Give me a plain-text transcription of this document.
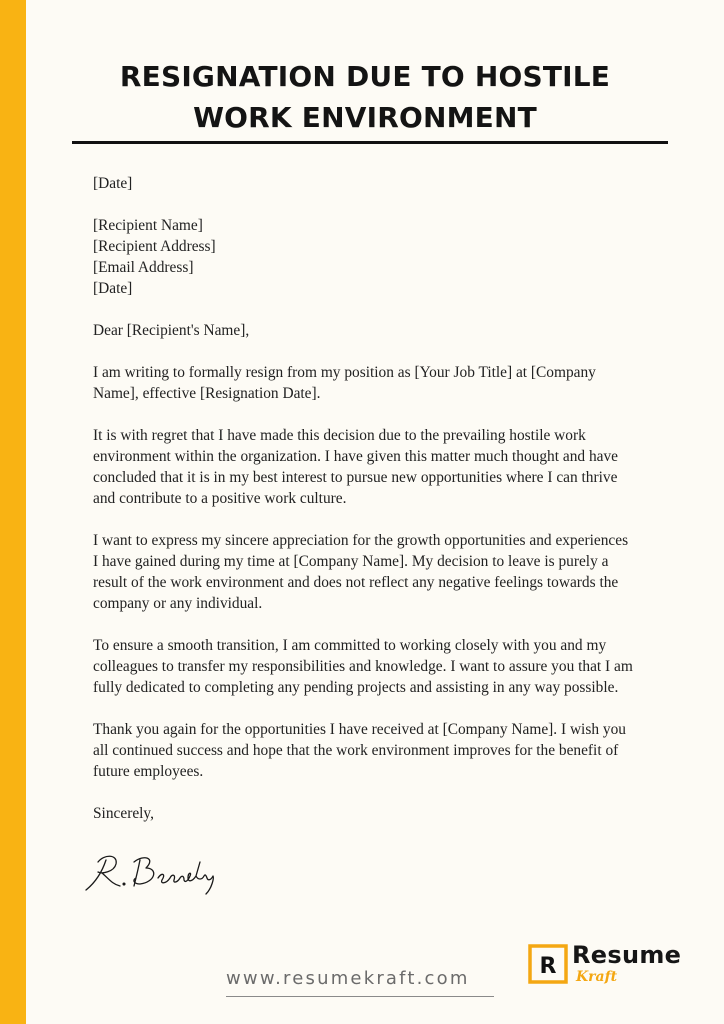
RESIGNATION DUE TO HOSTILE
WORK ENVIRONMENT

[Date]

[Recipient Name]

[Recipient Address]

[Email Address]

[Date]

Dear [Recipient's Name],

I am writing to formally resign from my position as [Your Job Title] at [Company Name], effective [Resignation Date].

It is with regret that I have made this decision due to the prevailing hostile work environment within the organization. I have given this matter much thought and have concluded that it is in my best interest to pursue new opportunities where I can thrive and contribute to a positive work culture.

I want to express my sincere appreciation for the growth opportunities and experiences I have gained during my time at [Company Name]. My decision to leave is purely a result of the work environment and does not reflect any negative feelings towards the company or any individual.

To ensure a smooth transition, I am committed to working closely with you and my colleagues to transfer my responsibilities and knowledge. I want to assure you that I am fully dedicated to completing any pending projects and assisting in any way possible.

Thank you again for the opportunities I have received at [Company Name]. I wish you all continued success and hope that the work environment improves for the benefit of future employees.

Sincerely,

www.resumekraft.com	R Resume
Kraft
